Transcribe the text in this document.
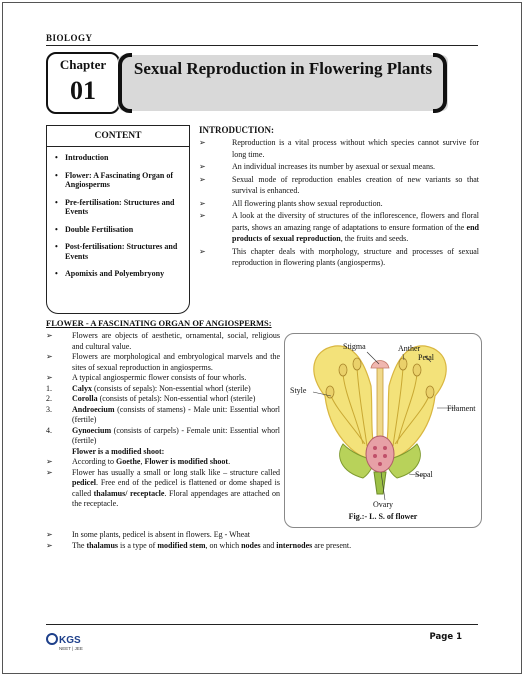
BIOLOGY
Chapter
01
Sexual Reproduction in Flowering Plants
CONTENT
• Introduction
• Flower: A Fascinating Organ of Angiosperms
• Pre-fertilisation: Structures and Events
• Double Fertilisation
• Post-fertilisation: Structures and Events
• Apomixis and Polyembryony
INTRODUCTION:
➢	Reproduction is a vital process without which species cannot survive for long time.
➢	An individual increases its number by asexual or sexual means.
➢	Sexual mode of reproduction enables creation of new variants so that survival is enhanced.
➢	All flowering plants show sexual reproduction.
➢	A look at the diversity of structures of the inflorescence, flowers and floral parts, shows an amazing range of adaptations to ensure formation of the end products of sexual reproduction, the fruits and seeds.
➢	This chapter deals with morphology, structure and processes of sexual reproduction in flowering plants (angiosperms).
FLOWER - A FASCINATING ORGAN OF ANGIOSPERMS:
➢ Flowers are objects of aesthetic, ornamental, social, religious and cultural value.
➢ Flowers are morphological and embryological marvels and the sites of sexual reproduction in angiosperms.
➢ A typical angiospermic flower consists of four whorls.
1.	Calyx (consists of sepals): Non-essential whorl (sterile)
2.	Corolla (consists of petals): Non-essential whorl (sterile)
3.	Androecium (consists of stamens) - Male unit: Essential whorl (fertile)
4.	Gynoecium (consists of carpels) - Female unit: Essential whorl (fertile)
Flower is a modified shoot:
➢ According to Goethe, Flower is modified shoot.
➢ Flower has usually a small or long stalk like – structure called pedicel. Free end of the pedicel is flattened or dome shaped is called thalamus/ receptacle. Floral appendages are attached on the receptacle.
➢ In some plants, pedicel is absent in flowers. Eg - Wheat
➢ The thalamus is a type of modified stem, on which nodes and internodes are present.
Stigma	Anther
Petal
Style
Filament
Sepal
Ovary
Fig.:- L. S. of flower
KGS
NEET | JEE
Page 1
